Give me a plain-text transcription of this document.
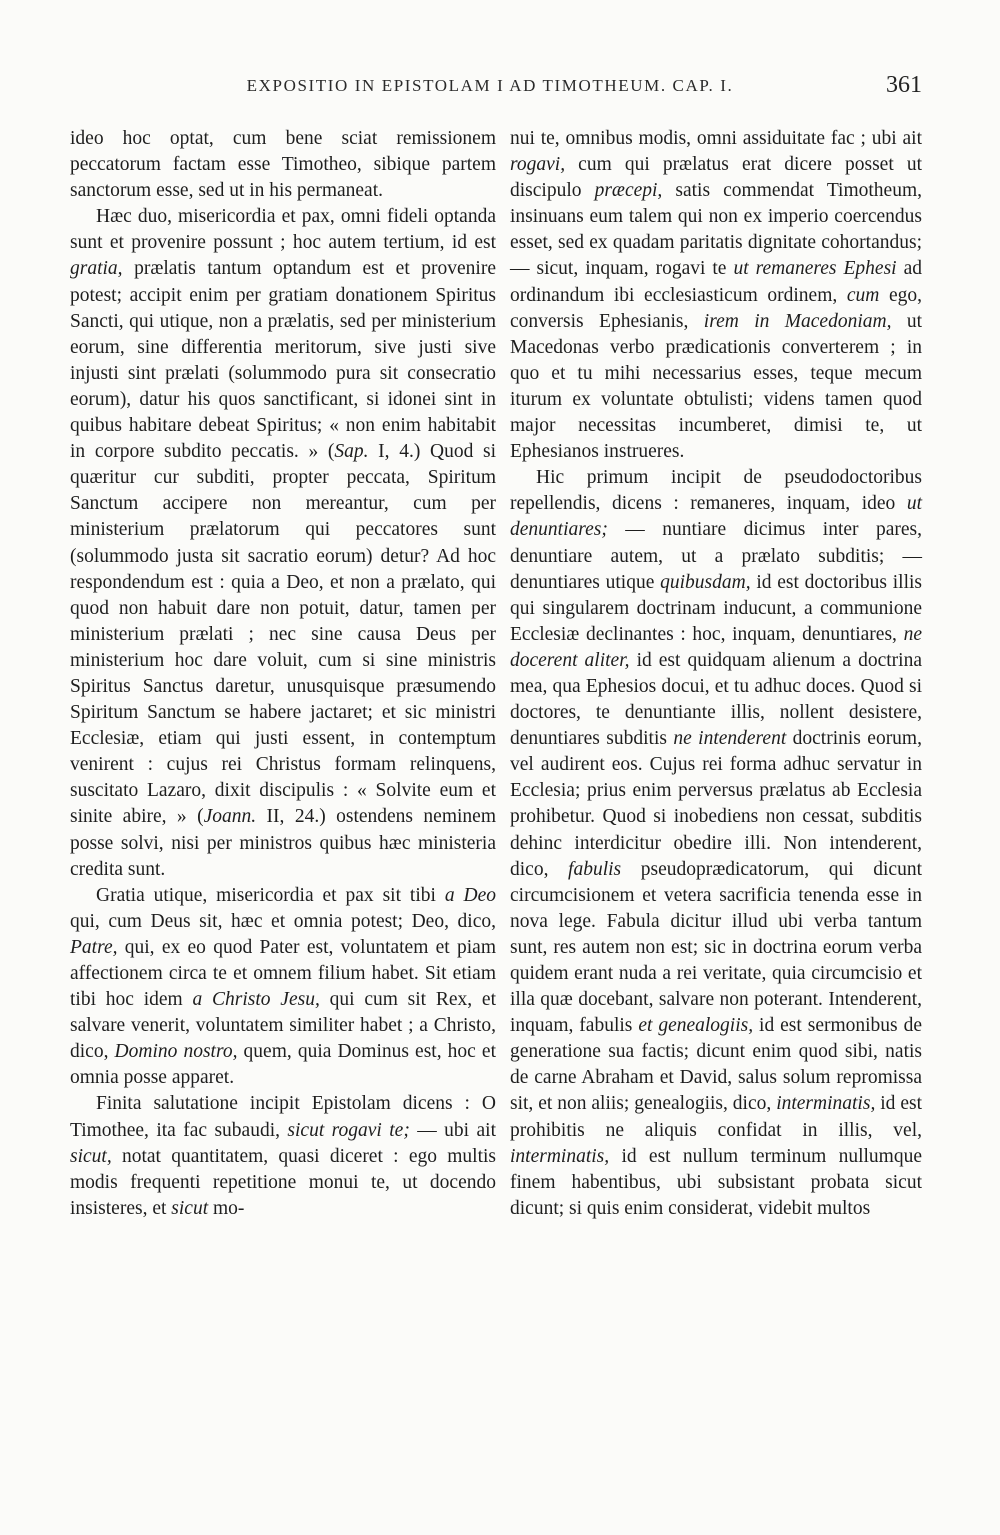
EXPOSITIO IN EPISTOLAM I AD TIMOTHEUM. CAP. I.	361

ideo hoc optat, cum bene sciat remissionem peccatorum factam esse Timotheo, sibique partem sanctorum esse, sed ut in his permaneat.

Hæc duo, misericordia et pax, omni fideli optanda sunt et provenire possunt ; hoc autem tertium, id est gratia, prælatis tantum optandum est et provenire potest; accipit enim per gratiam donationem Spiritus Sancti, qui utique, non a prælatis, sed per ministerium eorum, sine differentia meritorum, sive justi sive injusti sint prælati (solummodo pura sit consecratio eorum), datur his quos sanctificant, si idonei sint in quibus habitare debeat Spiritus; « non enim habitabit in corpore subdito peccatis. » (Sap. I, 4.) Quod si quæritur cur subditi, propter peccata, Spiritum Sanctum accipere non mereantur, cum per ministerium prælatorum qui peccatores sunt (solummodo justa sit sacratio eorum) detur? Ad hoc respondendum est : quia a Deo, et non a prælato, qui quod non habuit dare non potuit, datur, tamen per ministerium prælati ; nec sine causa Deus per ministerium hoc dare voluit, cum si sine ministris Spiritus Sanctus daretur, unusquisque præsumendo Spiritum Sanctum se habere jactaret; et sic ministri Ecclesiæ, etiam qui justi essent, in contemptum venirent : cujus rei Christus formam relinquens, suscitato Lazaro, dixit discipulis : « Solvite eum et sinite abire, » (Joann. II, 24.) ostendens neminem posse solvi, nisi per ministros quibus hæc ministeria credita sunt.

Gratia utique, misericordia et pax sit tibi a Deo qui, cum Deus sit, hæc et omnia potest; Deo, dico, Patre, qui, ex eo quod Pater est, voluntatem et piam affectionem circa te et omnem filium habet. Sit etiam tibi hoc idem a Christo Jesu, qui cum sit Rex, et salvare venerit, voluntatem similiter habet ; a Christo, dico, Domino nostro, quem, quia Dominus est, hoc et omnia posse apparet.

Finita salutatione incipit Epistolam dicens : O Timothee, ita fac subaudi, sicut rogavi te; — ubi ait sicut, notat quantitatem, quasi diceret : ego multis modis frequenti repetitione monui te, ut docendo insisteres, et sicut mo-

nui te, omnibus modis, omni assiduitate fac ; ubi ait rogavi, cum qui prælatus erat dicere posset ut discipulo præcepi, satis commendat Timotheum, insinuans eum talem qui non ex imperio coercendus esset, sed ex quadam paritatis dignitate cohortandus; — sicut, inquam, rogavi te ut remaneres Ephesi ad ordinandum ibi ecclesiasticum ordinem, cum ego, conversis Ephesianis, irem in Macedoniam, ut Macedonas verbo prædicationis converterem ; in quo et tu mihi necessarius esses, teque mecum iturum ex voluntate obtulisti; videns tamen quod major necessitas incumberet, dimisi te, ut Ephesianos instrueres.

Hic primum incipit de pseudodoctoribus repellendis, dicens : remaneres, inquam, ideo ut denuntiares; — nuntiare dicimus inter pares, denuntiare autem, ut a prælato subditis; — denuntiares utique quibusdam, id est doctoribus illis qui singularem doctrinam inducunt, a communione Ecclesiæ declinantes : hoc, inquam, denuntiares, ne docerent aliter, id est quidquam alienum a doctrina mea, qua Ephesios docui, et tu adhuc doces. Quod si doctores, te denuntiante illis, nollent desistere, denuntiares subditis ne intenderent doctrinis eorum, vel audirent eos. Cujus rei forma adhuc servatur in Ecclesia; prius enim perversus prælatus ab Ecclesia prohibetur. Quod si inobediens non cessat, subditis dehinc interdicitur obedire illi. Non intenderent, dico, fabulis pseudoprædicatorum, qui dicunt circumcisionem et vetera sacrificia tenenda esse in nova lege. Fabula dicitur illud ubi verba tantum sunt, res autem non est; sic in doctrina eorum verba quidem erant nuda a rei veritate, quia circumcisio et illa quæ docebant, salvare non poterant. Intenderent, inquam, fabulis et genealogiis, id est sermonibus de generatione sua factis; dicunt enim quod sibi, natis de carne Abraham et David, salus solum repromissa sit, et non aliis; genealogiis, dico, interminatis, id est prohibitis ne aliquis confidat in illis, vel, interminatis, id est nullum terminum nullumque finem habentibus, ubi subsistant probata sicut dicunt; si quis enim considerat, videbit multos
